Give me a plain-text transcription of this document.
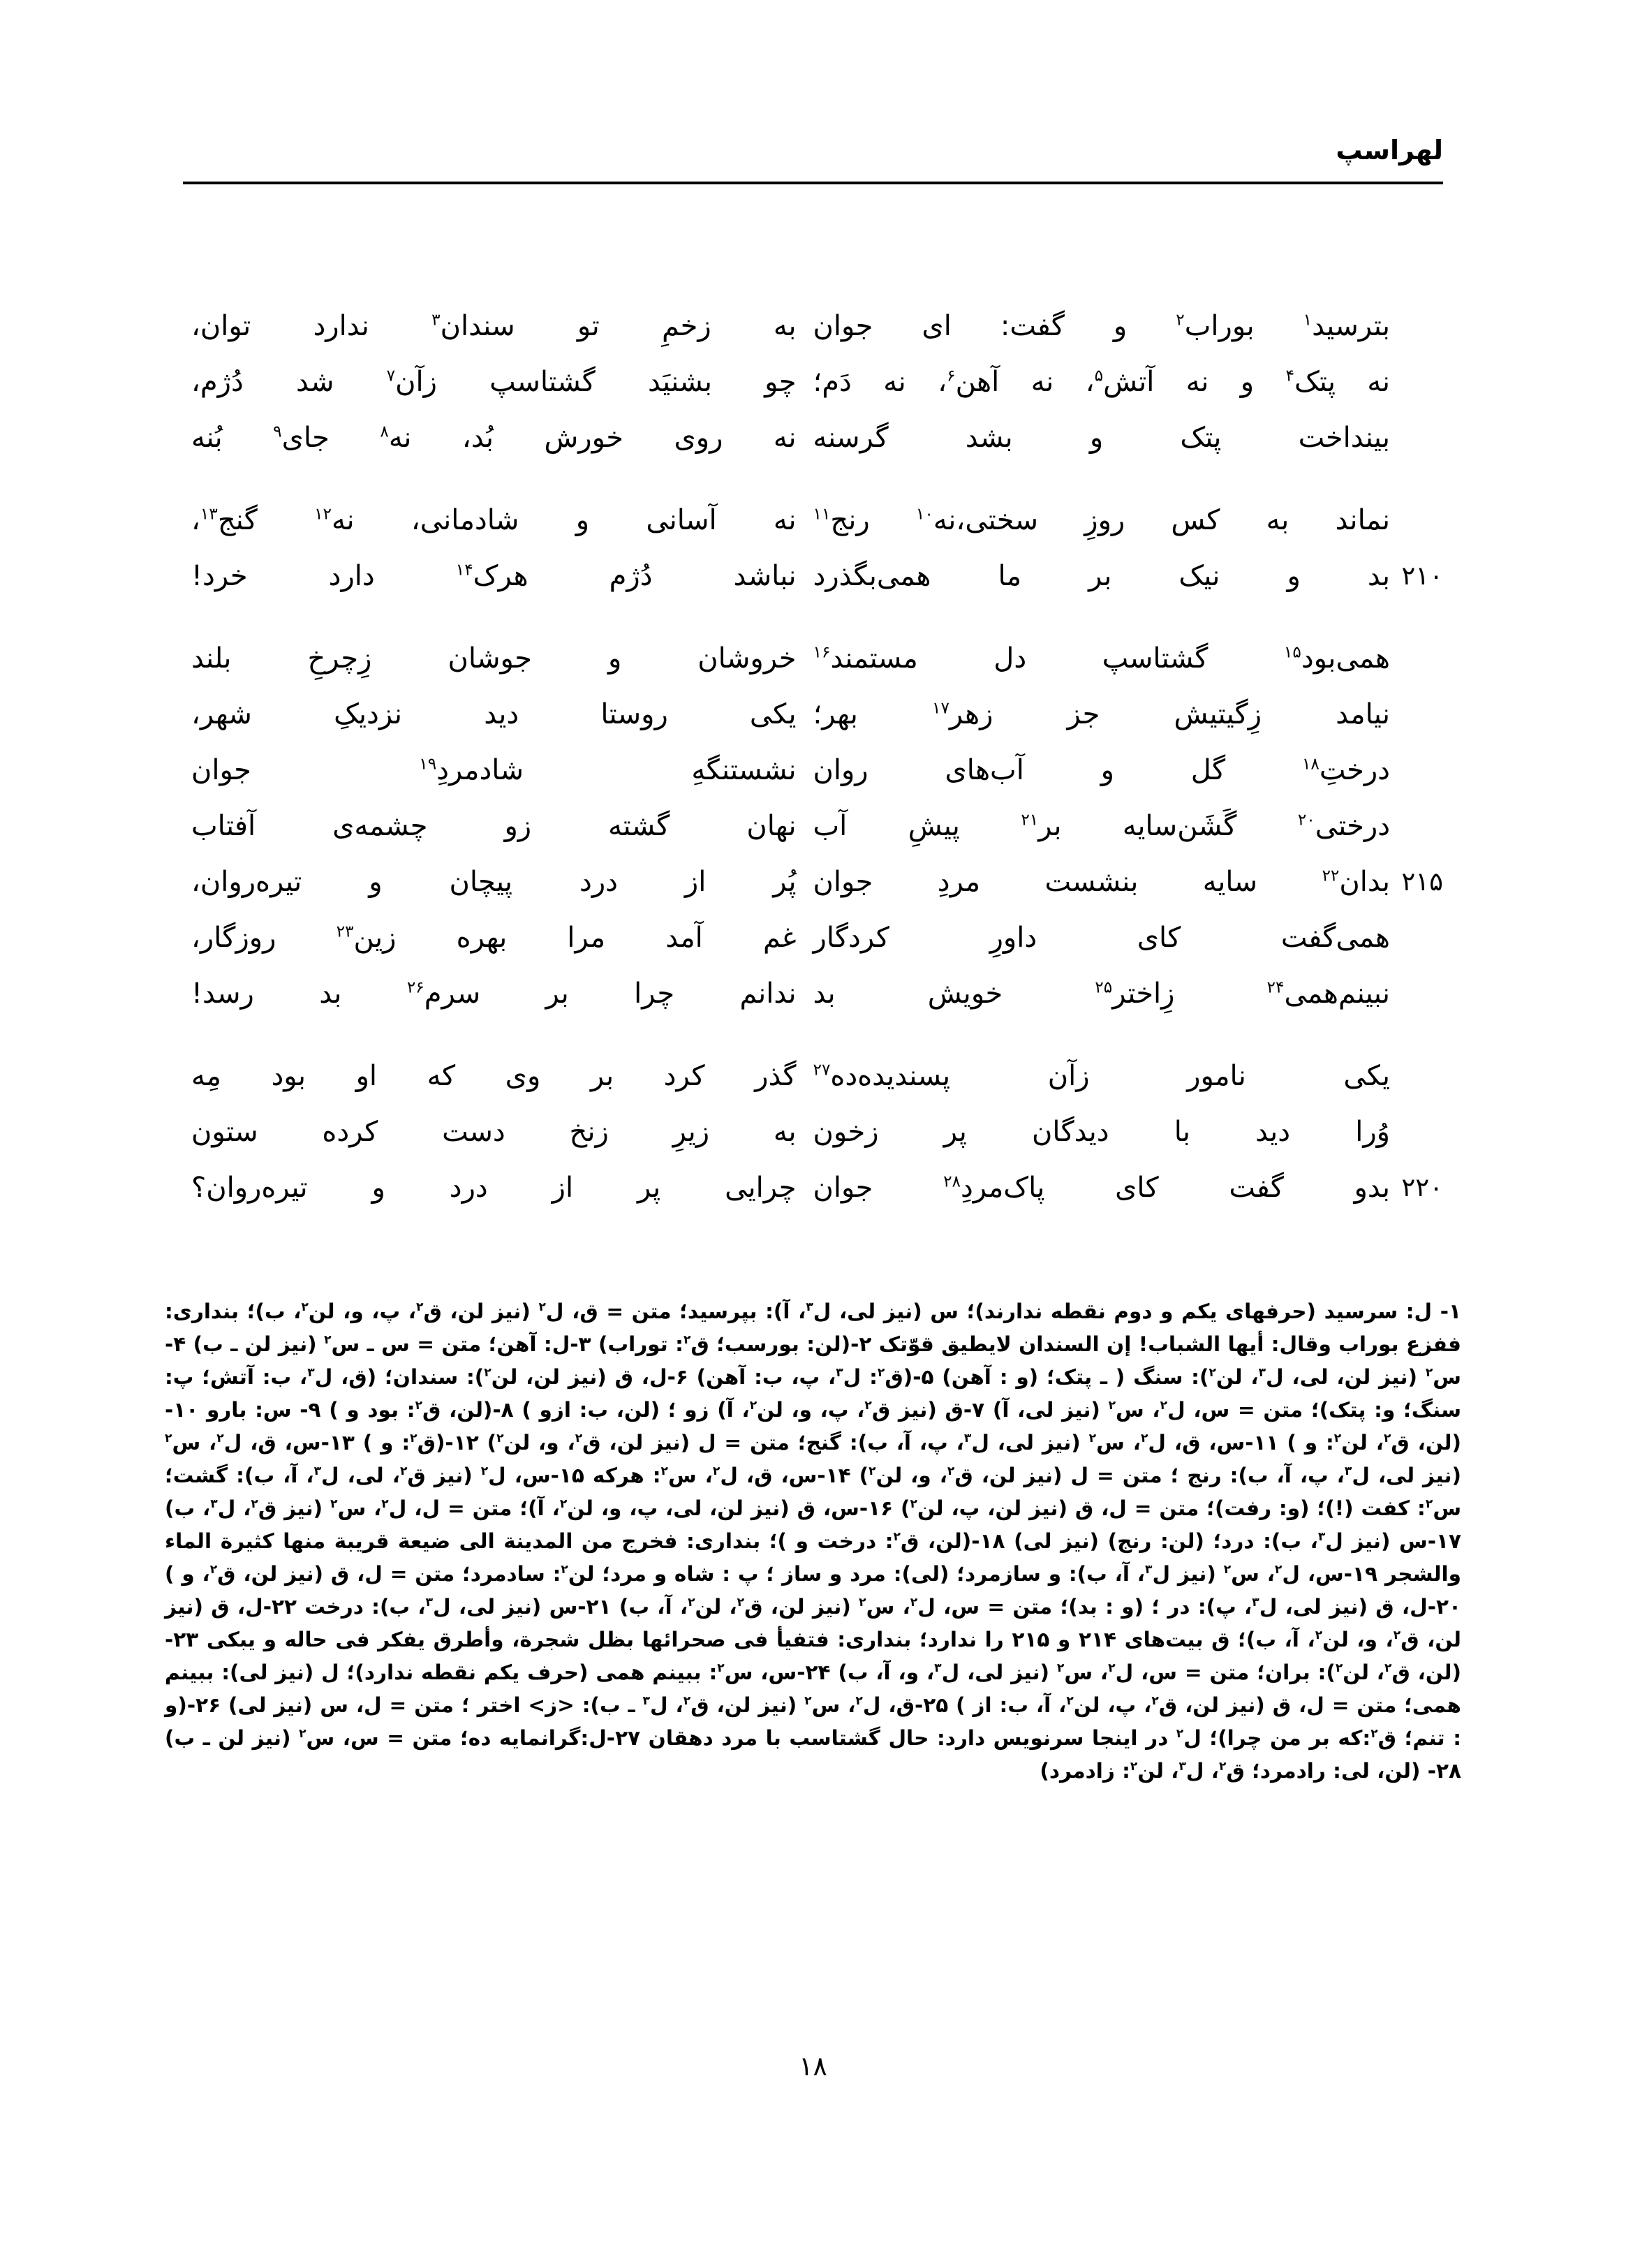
لهراسپ
بترسید$^۱$ بوراب$^۲$ و گفت: ای جوان
به زخمِ تو سندان$^۳$ ندارد توان،
نه پتک$^۴$ و نه آتش$^۵$، نه آهن$^۶$، نه دَم؛
چو بشنیَد گشتاسپ زآن$^۷$ شد دُژم،
بینداخت پتک و بشد گرسنه
نه روی خورش بُد، نه$^۸$ جای$^۹$ بُنه
نماند به کس روزِ سختی،نه$^{۱۰}$ رنج$^{۱۱}$
نه آسانی و شادمانی، نه$^{۱۲}$ گنج$^{۱۳}$،
بد و نیک بر ما همی‌بگذرد ۲۱۰
نباشد دُژم هرک$^{۱۴}$ دارد خرد!
همی‌بود$^{۱۵}$ گشتاسپ دل مستمند$^{۱۶}$
خروشان و جوشان زِچرخِ بلند
نیامد زِگیتیش جز زهر$^{۱۷}$ بهر؛
یکی روستا دید نزدیکِ شهر،
درختِ$^{۱۸}$ گل و آب‌های روان
نشستنگهِ شادمردِ$^{۱۹}$ جوان
درختی$^{۲۰}$ گَشَن‌سایه بر$^{۲۱}$ پیشِ آب
نهان گشته زو چشمه‌ی آفتاب
بدان$^{۲۲}$ سایه بنشست مردِ جوان	۲۱۵
پُر از درد پیچان و تیره‌روان،
همی‌گفت کای داورِ کردگار
غم آمد مرا بهره زین$^{۲۳}$ روزگار،
نبینم‌همی$^{۲۴}$ زِاختر$^{۲۵}$ خویش بد
ندانم چرا بر سرم$^{۲۶}$ بد رسد!
یکی نامور زآن پسندیده‌ده$^{۲۷}$
گذر کرد بر وی که او بود مِه
وُرا دید با دیدگان پر زخون
به زیرِ زنخ دست کرده ستون
بدو گفت کای پاک‌مردِ$^{۲۸}$ جوان	۲۲۰
چرایی پر از درد و تیره‌روان؟

۱- ل: سرسید (حرفهای یکم و دوم نقطه ندارند)؛ س (نیز لی، ل$^۳$، آ): بپرسید؛ متن = ق، ل$^۲$ (نیز لن، ق$^۲$، پ، و، لن$^۲$، ب)؛ بنداری: ففزع بوراب وقال: أیها الشباب! إن السندان لایطیق قوّتک ۲-(لن: بورسب؛ ق$^۲$: توراب) ۳-ل: آهن؛ متن = س ـ س$^۲$ (نیز لن ـ ب) ۴- س$^۲$ (نیز لن، لی، ل$^۳$، لن$^۲$): سنگ ( ـ پتک؛ (و : آهن) ۵-(ق$^۲$: ل$^۳$، پ، ب: آهن) ۶-ل، ق (نیز لن، لن$^۲$): سندان؛ (ق، ل$^۳$، ب: آتش؛ پ: سنگ؛ و: پتک)؛ متن = س، ل$^۲$، س$^۲$ (نیز لی، آ) ۷-ق (نیز ق$^۲$، پ، و، لن$^۲$، آ) زو ؛ (لن، ب: ازو ) ۸-(لن، ق$^۲$: بود و ) ۹- س: بارو ۱۰-(لن، ق$^۲$، لن$^۲$: و ) ۱۱-س، ق، ل$^۲$، س$^۲$ (نیز لی، ل$^۳$، پ، آ، ب): گنج؛ متن = ل (نیز لن، ق$^۲$، و، لن$^۲$) ۱۲-(ق$^۲$: و ) ۱۳-س، ق، ل$^۲$، س$^۲$ (نیز لی، ل$^۳$، پ، آ، ب): رنج ؛ متن = ل (نیز لن، ق$^۲$، و، لن$^۲$) ۱۴-س، ق، ل$^۲$، س$^۲$: هرکه ۱۵-س، ل$^۲$ (نیز ق$^۲$، لی، ل$^۳$، آ، ب): گشت؛ س$^۲$: کفت (!)؛ (و: رفت)؛ متن = ل، ق (نیز لن، پ، لن$^۲$) ۱۶-س، ق (نیز لن، لی، پ، و، لن$^۲$، آ)؛ متن = ل، ل$^۲$، س$^۲$ (نیز ق$^۲$، ل$^۳$، ب) ۱۷-س (نیز ل$^۳$، ب): درد؛ (لن: رنج) (نیز لی) ۱۸-(لن، ق$^۲$: درخت و )؛ بنداری: فخرج من المدینة الی ضیعة قریبة منها کثیرة الماء والشجر ۱۹-س، ل$^۲$، س$^۲$ (نیز ل$^۳$، آ، ب): و سازمرد؛ (لی): مرد و ساز ؛ پ : شاه و مرد؛ لن$^۲$: سادمرد؛ متن = ل، ق (نیز لن، ق$^۲$، و ) ۲۰-ل، ق (نیز لی، ل$^۳$، پ): در ؛ (و : بد)؛ متن = س، ل$^۲$، س$^۲$ (نیز لن، ق$^۲$، لن$^۲$، آ، ب) ۲۱-س (نیز لی، ل$^۳$، ب): درخت ۲۲-ل، ق (نیز لن، ق$^۲$، و، لن$^۲$، آ، ب)؛ ق بیت‌های ۲۱۴ و ۲۱۵ را ندارد؛ بنداری: فتفیأ فی صحرائها بظل شجرة، وأطرق یفکر فی حاله و یبکی ۲۳-(لن، ق$^۲$، لن$^۲$): بران؛ متن = س، ل$^۲$، س$^۲$ (نیز لی، ل$^۳$، و، آ، ب) ۲۴-س، س$^۲$: ببینم همی (حرف یکم نقطه ندارد)؛ ل (نیز لی): ببینم همی؛ متن = ل، ق (نیز لن، ق$^۲$، پ، لن$^۲$، آ، ب: از ) ۲۵-ق، ل$^۲$، س$^۲$ (نیز لن، ق$^۲$، ل$^۳$ ـ ب): <ز> اختر ؛ متن = ل، س (نیز لی) ۲۶-(و : تنم؛ ق$^۲$:که بر من چرا)؛ ل$^۲$ در اینجا سرنویس دارد: حال گشتاسب با مرد دهقان ۲۷-ل:گرانمایه ده؛ متن = س، س$^۲$ (نیز لن ـ ب) ۲۸- (لن، لی: رادمرد؛ ق$^۲$، ل$^۳$، لن$^۲$: زادمرد)

۱۸
